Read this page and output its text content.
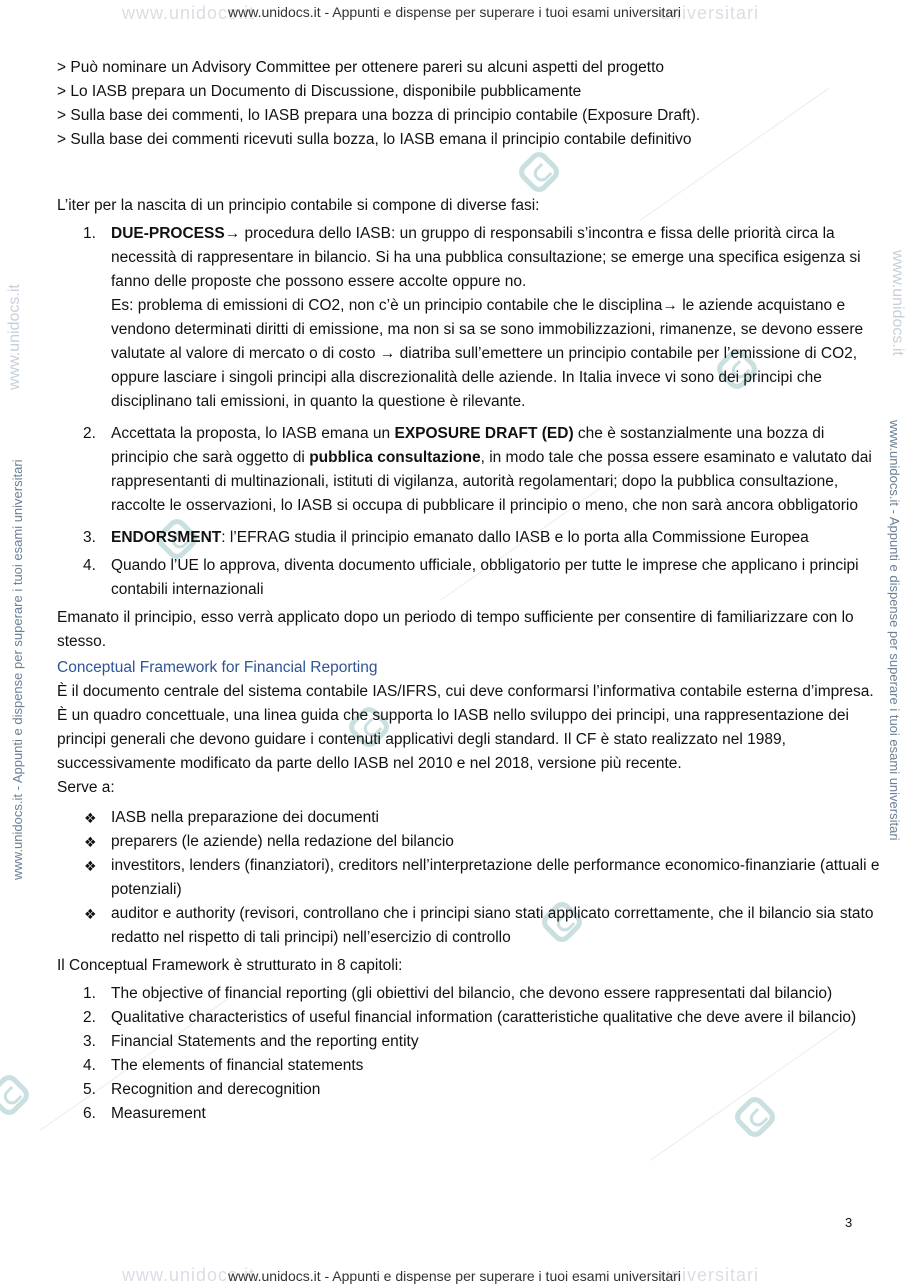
www.unidocs.it	universitari
www.unidocs.it - Appunti e dispense per superare i tuoi esami universitari
www.unidocs.it	universitari
www.unidocs.it - Appunti e dispense per superare i tuoi esami universitari
www.unidocs.it - Appunti e dispense per superare i tuoi esami universitari	www.unidocs.it - Appunti e dispense per superare i tuoi esami universitari
www.unidocs.it	www.unidocs.it

> Può nominare un Advisory Committee per ottenere pareri su alcuni aspetti del progetto

> Lo IASB prepara un Documento di Discussione, disponibile pubblicamente

> Sulla base dei commenti, lo IASB prepara una bozza di principio contabile (Exposure Draft).

> Sulla base dei commenti ricevuti sulla bozza, lo IASB emana il principio contabile definitivo

L’iter per la nascita di un principio contabile si compone di diverse fasi:

1. DUE-PROCESS→ procedura dello IASB: un gruppo di responsabili s’incontra e fissa delle priorità circa la necessità di rappresentare in bilancio. Si ha una pubblica consultazione; se emerge una specifica esigenza si fanno delle proposte che possono essere accolte oppure no.

Es: problema di emissioni di CO2, non c’è un principio contabile che le disciplina→ le aziende acquistano e vendono determinati diritti di emissione, ma non si sa se sono immobilizzazioni, rimanenze, se devono essere valutate al valore di mercato o di costo → diatriba sull’emettere un principio contabile per l’emissione di CO2, oppure lasciare i singoli principi alla discrezionalità delle aziende. In Italia invece vi sono dei principi che disciplinano tali emissioni, in quanto la questione è rilevante.

2. Accettata la proposta, lo IASB emana un EXPOSURE DRAFT (ED) che è sostanzialmente una bozza di principio che sarà oggetto di pubblica consultazione, in modo tale che possa essere esaminato e valutato dai rappresentanti di multinazionali, istituti di vigilanza, autorità regolamentari; dopo la pubblica consultazione, raccolte le osservazioni, lo IASB si occupa di pubblicare il principio o meno, che non sarà ancora obbligatorio
3. ENDORSMENT: l’EFRAG studia il principio emanato dallo IASB e lo porta alla Commissione Europea
4. Quando l’UE lo approva, diventa documento ufficiale, obbligatorio per tutte le imprese che applicano i principi contabili internazionali

Emanato il principio, esso verrà applicato dopo un periodo di tempo sufficiente per consentire di familiarizzare con lo stesso.

Conceptual Framework for Financial Reporting

È il documento centrale del sistema contabile IAS/IFRS, cui deve conformarsi l’informativa contabile esterna d’impresa. È un quadro concettuale, una linea guida che supporta lo IASB nello sviluppo dei principi, una rappresentazione dei principi generali che devono guidare i contenuti applicativi degli standard. Il CF è stato realizzato nel 1989, successivamente modificato da parte dello IASB nel 2010 e nel 2018, versione più recente.

Serve a:

❖ IASB nella preparazione dei documenti
❖ preparers (le aziende) nella redazione del bilancio
❖ investitors, lenders (finanziatori), creditors nell’interpretazione delle performance economico-finanziarie (attuali e potenziali)
❖ auditor e authority (revisori, controllano che i principi siano stati applicato correttamente, che il bilancio sia stato redatto nel rispetto di tali principi) nell’esercizio di controllo

Il Conceptual Framework è strutturato in 8 capitoli:

1. The objective of financial reporting (gli obiettivi del bilancio, che devono essere rappresentati dal bilancio)
2. Qualitative characteristics of useful financial information (caratteristiche qualitative che deve avere il bilancio)
3. Financial Statements and the reporting entity
4. The elements of financial statements
5. Recognition and derecognition
6. Measurement
3
